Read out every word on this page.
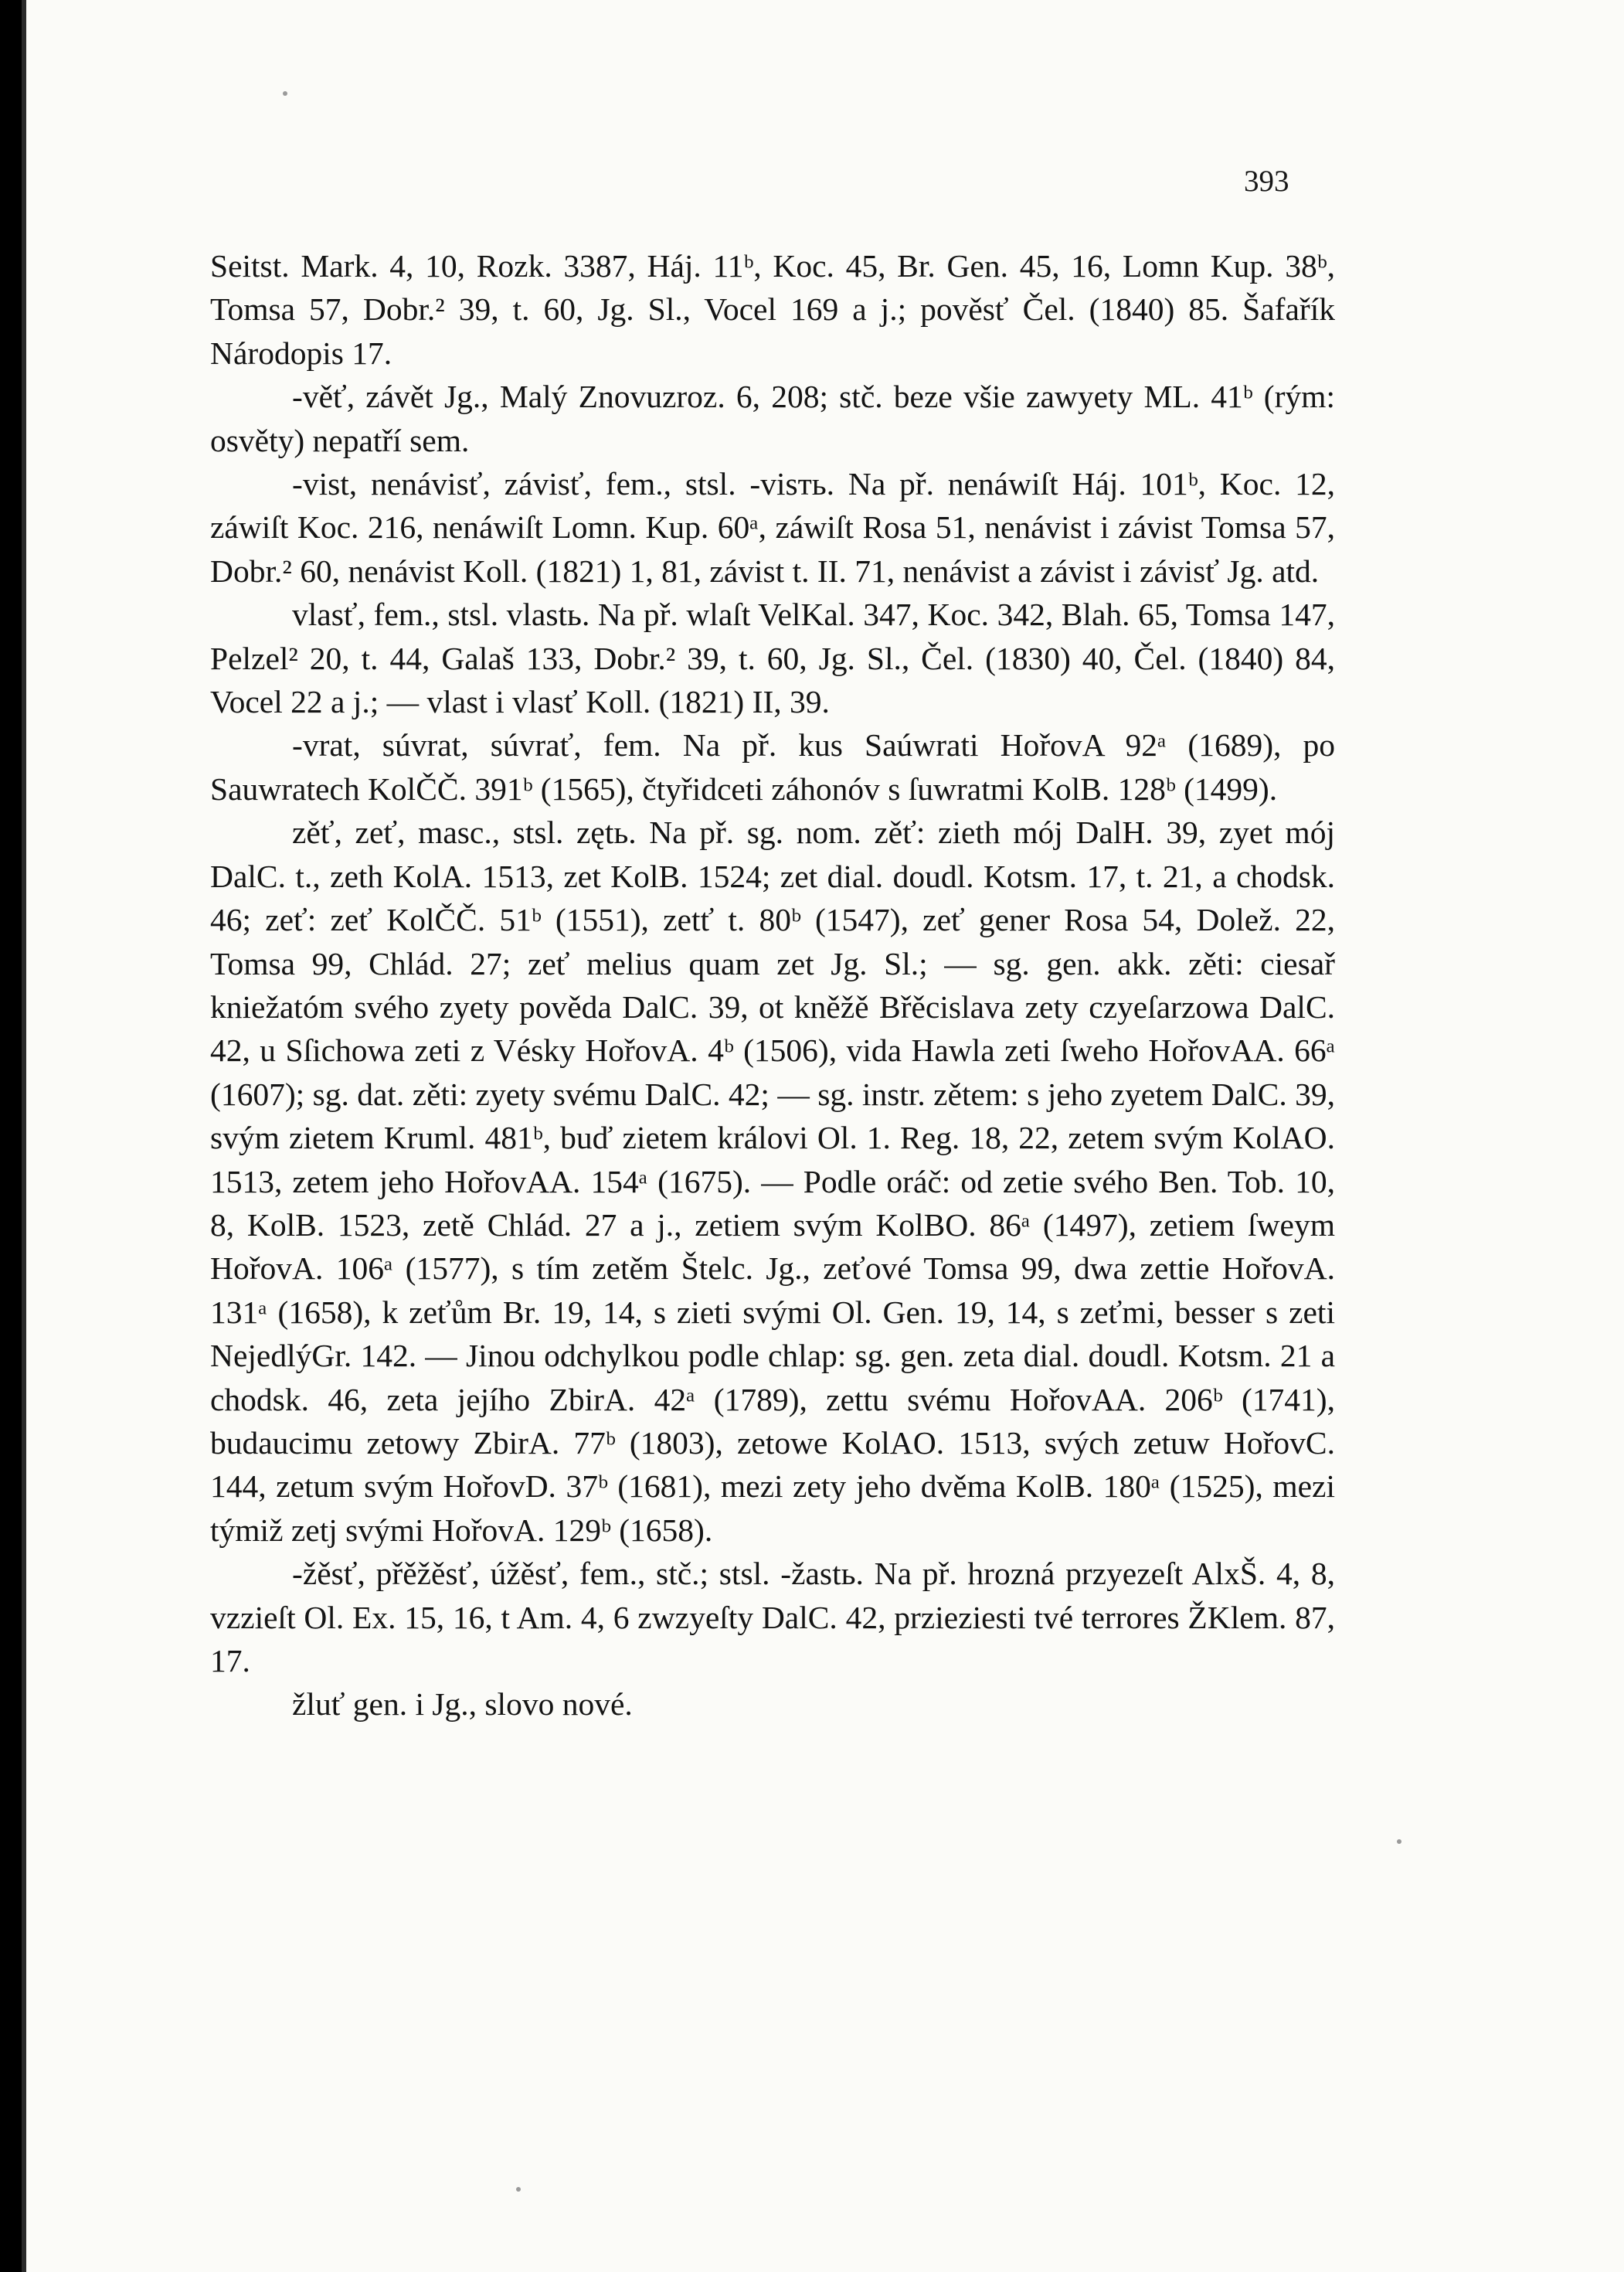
393

Seitst. Mark. 4, 10, Rozk. 3387, Háj. 11ᵇ, Koc. 45, Br. Gen. 45, 16, Lomn Kup. 38ᵇ, Tomsa 57, Dobr.² 39, t. 60, Jg. Sl., Vocel 169 a j.; pověsť Čel. (1840) 85. Šafařík Národopis 17.

-věť, závět Jg., Malý Znovuzroz. 6, 208; stč. beze všie zawyety ML. 41ᵇ (rým: osvěty) nepatří sem.

-vist, nenávisť, závisť, fem., stsl. -visть. Na př. nenáwiſt Háj. 101ᵇ, Koc. 12, záwiſt Koc. 216, nenáwiſt Lomn. Kup. 60ᵃ, záwiſt Rosa 51, nenávist i závist Tomsa 57, Dobr.² 60, nenávist Koll. (1821) 1, 81, závist t. II. 71, nenávist a závist i závisť Jg. atd.

vlasť, fem., stsl. vlastь. Na př. wlaſt VelKal. 347, Koc. 342, Blah. 65, Tomsa 147, Pelzel² 20, t. 44, Galaš 133, Dobr.² 39, t. 60, Jg. Sl., Čel. (1830) 40, Čel. (1840) 84, Vocel 22 a j.; — vlast i vlasť Koll. (1821) II, 39.

-vrat, súvrat, súvrať, fem. Na př. kus Saúwrati HořovA 92ᵃ (1689), po Sauwratech KolČČ. 391ᵇ (1565), čtyřidceti záhonóv s ſuwratmi KolB. 128ᵇ (1499).

zěť, zeť, masc., stsl. zętь. Na př. sg. nom. zěť: zieth mój DalH. 39, zyet mój DalC. t., zeth KolA. 1513, zet KolB. 1524; zet dial. doudl. Kotsm. 17, t. 21, a chodsk. 46; zeť: zeť KolČČ. 51ᵇ (1551), zetť t. 80ᵇ (1547), zeť gener Rosa 54, Dolež. 22, Tomsa 99, Chlád. 27; zeť melius quam zet Jg. Sl.; — sg. gen. akk. zěti: ciesař kniežatóm svého zyety pověda DalC. 39, ot kněžě Břěcislava zety czyeſarzowa DalC. 42, u Sſichowa zeti z Vésky HořovA. 4ᵇ (1506), vida Hawla zeti ſweho HořovAA. 66ᵃ (1607); sg. dat. zěti: zyety svému DalC. 42; — sg. instr. zětem: s jeho zyetem DalC. 39, svým zietem Kruml. 481ᵇ, buď zietem královi Ol. 1. Reg. 18, 22, zetem svým KolAO. 1513, zetem jeho HořovAA. 154ᵃ (1675). — Podle oráč: od zetie svého Ben. Tob. 10, 8, KolB. 1523, zetě Chlád. 27 a j., zetiem svým KolBO. 86ᵃ (1497), zetiem ſweym HořovA. 106ᵃ (1577), s tím zetěm Štelc. Jg., zeťové Tomsa 99, dwa zettie HořovA. 131ᵃ (1658), k zeťům Br. 19, 14, s zieti svými Ol. Gen. 19, 14, s zeťmi, besser s zeti NejedlýGr. 142. — Jinou odchylkou podle chlap: sg. gen. zeta dial. doudl. Kotsm. 21 a chodsk. 46, zeta jejího ZbirA. 42ᵃ (1789), zettu svému HořovAA. 206ᵇ (1741), budaucimu zetowy ZbirA. 77ᵇ (1803), zetowe KolAO. 1513, svých zetuw HořovC. 144, zetum svým HořovD. 37ᵇ (1681), mezi zety jeho dvěma KolB. 180ᵃ (1525), mezi týmiž zetj svými HořovA. 129ᵇ (1658).

-žěsť, přěžěsť, úžěsť, fem., stč.; stsl. -žastь. Na př. hrozná przyezeſt AlxŠ. 4, 8, vzzieſt Ol. Ex. 15, 16, t Am. 4, 6 zwzyeſty DalC. 42, przieziesti tvé terrores ŽKlem. 87, 17.

žluť gen. i Jg., slovo nové.
